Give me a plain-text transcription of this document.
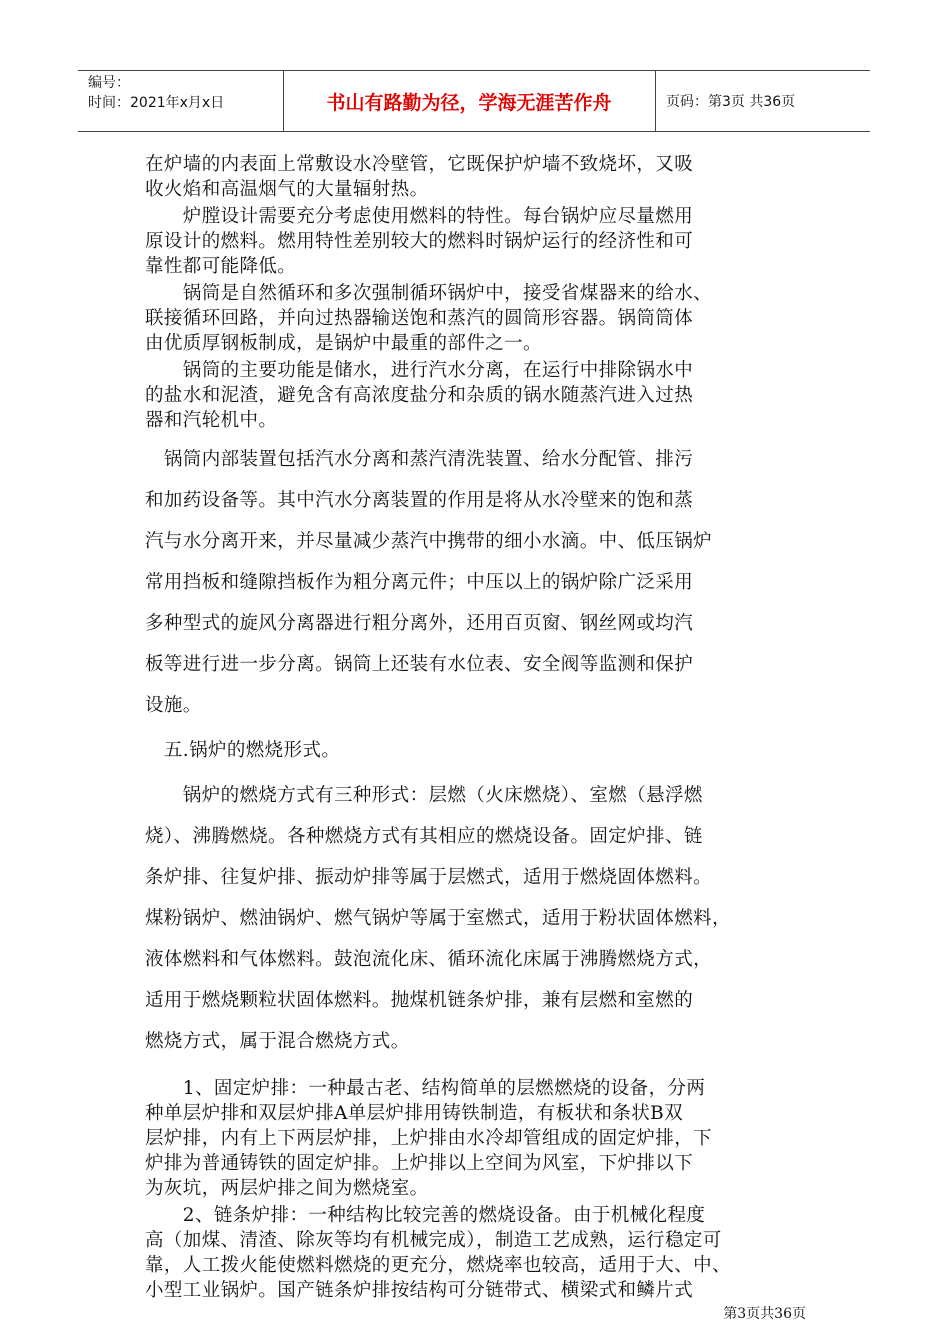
编号：
时间：2021年x月x日	书山有路勤为径，学海无涯苦作舟	页码：第3页 共36页
在炉墙的内表面上常敷设水冷壁管，它既保护炉墙不致烧坏，又吸
收火焰和高温烟气的大量辐射热。
　　炉膛设计需要充分考虑使用燃料的特性。每台锅炉应尽量燃用
原设计的燃料。燃用特性差别较大的燃料时锅炉运行的经济性和可
靠性都可能降低。
　　锅筒是自然循环和多次强制循环锅炉中，接受省煤器来的给水、
联接循环回路，并向过热器输送饱和蒸汽的圆筒形容器。锅筒筒体
由优质厚钢板制成，是锅炉中最重的部件之一。
　　锅筒的主要功能是储水，进行汽水分离，在运行中排除锅水中
的盐水和泥渣，避免含有高浓度盐分和杂质的锅水随蒸汽进入过热
器和汽轮机中。
　锅筒内部装置包括汽水分离和蒸汽清洗装置、给水分配管、排污
和加药设备等。其中汽水分离装置的作用是将从水冷壁来的饱和蒸
汽与水分离开来，并尽量减少蒸汽中携带的细小水滴。中、低压锅炉
常用挡板和缝隙挡板作为粗分离元件；中压以上的锅炉除广泛采用
多种型式的旋风分离器进行粗分离外，还用百页窗、钢丝网或均汽
板等进行进一步分离。锅筒上还装有水位表、安全阀等监测和保护
设施。
　五.锅炉的燃烧形式。
　　锅炉的燃烧方式有三种形式：层燃（火床燃烧）、室燃（悬浮燃
烧）、沸腾燃烧。各种燃烧方式有其相应的燃烧设备。固定炉排、链
条炉排、往复炉排、振动炉排等属于层燃式，适用于燃烧固体燃料。
煤粉锅炉、燃油锅炉、燃气锅炉等属于室燃式，适用于粉状固体燃料，
液体燃料和气体燃料。鼓泡流化床、循环流化床属于沸腾燃烧方式，
适用于燃烧颗粒状固体燃料。抛煤机链条炉排，兼有层燃和室燃的
燃烧方式，属于混合燃烧方式。
　　1、固定炉排：一种最古老、结构简单的层燃燃烧的设备，分两
种单层炉排和双层炉排A单层炉排用铸铁制造，有板状和条状B双
层炉排，内有上下两层炉排，上炉排由水冷却管组成的固定炉排，下
炉排为普通铸铁的固定炉排。上炉排以上空间为风室，下炉排以下
为灰坑，两层炉排之间为燃烧室。
　　2、链条炉排：一种结构比较完善的燃烧设备。由于机械化程度
高（加煤、清渣、除灰等均有机械完成），制造工艺成熟，运行稳定可
靠，人工拨火能使燃料燃烧的更充分，燃烧率也较高，适用于大、中、
小型工业锅炉。国产链条炉排按结构可分链带式、横梁式和鳞片式
第3页共36页
